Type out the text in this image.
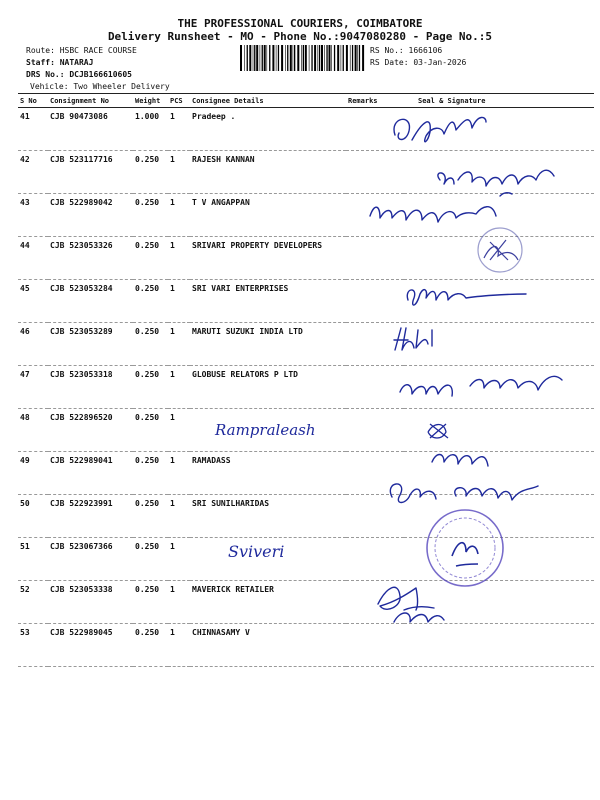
THE PROFESSIONAL COURIERS, COIMBATORE
Delivery Runsheet - MO - Phone No.:9047080280 - Page No.:5
Route: HSBC RACE COURSE
Staff: NATARAJ
DRS No.: DCJB166610605
Vehicle: Two Wheeler Delivery
RS No.: 1666106
RS Date: 03-Jan-2026
S No	Consignment No	Weight	PCS	Consignee Details	Remarks	Seal & Signature
41	CJB 90473086	1.000	1	Pradeep .		
42	CJB 523117716	0.250	1	RAJESH KANNAN		
43	CJB 522989042	0.250	1	T V ANGAPPAN		
44	CJB 523053326	0.250	1	SRIVARI PROPERTY DEVELOPERS		
45	CJB 523053284	0.250	1	SRI VARI ENTERPRISES		
46	CJB 523053289	0.250	1	MARUTI SUZUKI INDIA LTD		
47	CJB 523053318	0.250	1	GLOBUSE RELATORS P LTD		
48	CJB 522896520	0.250	1			
49	CJB 522989041	0.250	1	RAMADASS		
50	CJB 522923991	0.250	1	SRI SUNILHARIDAS		
51	CJB 523067366	0.250	1			
52	CJB 523053338	0.250	1	MAVERICK RETAILER		
53	CJB 522989045	0.250	1	CHINNASAMY V		
Rampraleash
Sviveri
